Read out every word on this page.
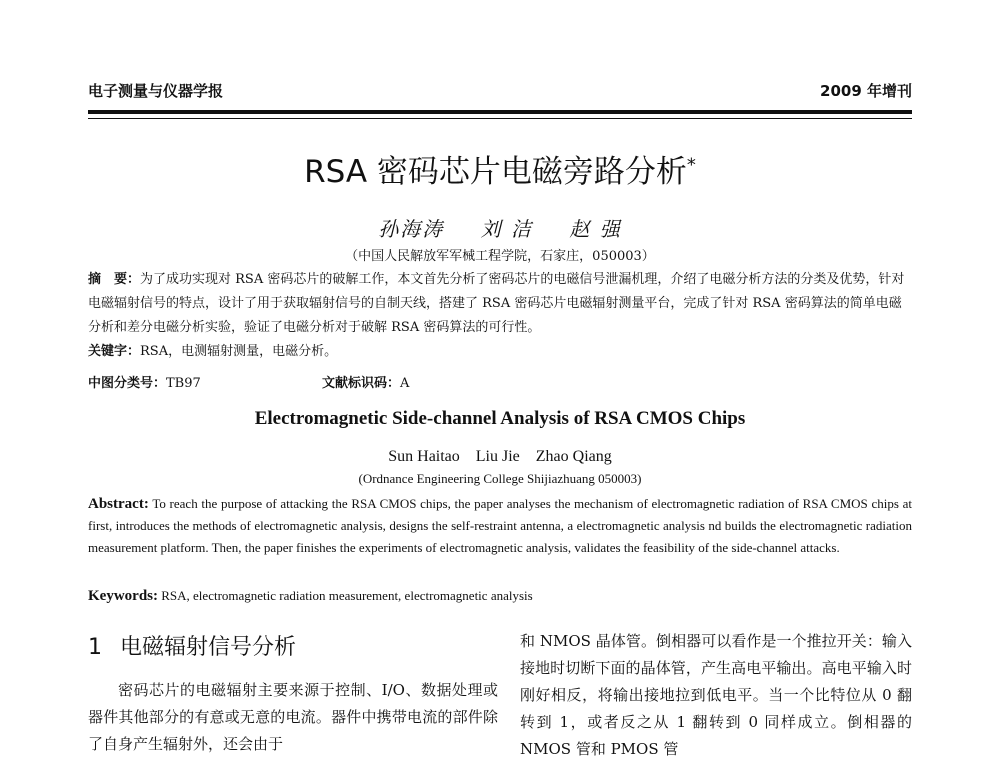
电子测量与仪器学报	2009 年增刊
RSA 密码芯片电磁旁路分析*
孙海涛 刘 洁 赵 强
（中国人民解放军军械工程学院，石家庄，050003）
摘　要：为了成功实现对 RSA 密码芯片的破解工作，本文首先分析了密码芯片的电磁信号泄漏机理，介绍了电磁分析方法的分类及优势，针对电磁辐射信号的特点，设计了用于获取辐射信号的自制天线，搭建了 RSA 密码芯片电磁辐射测量平台，完成了针对 RSA 密码算法的简单电磁分析和差分电磁分析实验，验证了电磁分析对于破解 RSA 密码算法的可行性。
关键字：RSA，电测辐射测量，电磁分析。
中图分类号：TB97	文献标识码：A
Electromagnetic Side-channel Analysis of RSA CMOS Chips
Sun Haitao Liu Jie Zhao Qiang
(Ordnance Engineering College Shijiazhuang 050003)
Abstract: To reach the purpose of attacking the RSA CMOS chips, the paper analyses the mechanism of electromagnetic radiation of RSA CMOS chips at first, introduces the methods of electromagnetic analysis, designs the self-restraint antenna, a electromagnetic analysis nd builds the electromagnetic radiation measurement platform. Then, the paper finishes the experiments of electromagnetic analysis, validates the feasibility of the side-channel attacks.
Keywords: RSA, electromagnetic radiation measurement, electromagnetic analysis
1 电磁辐射信号分析

密码芯片的电磁辐射主要来源于控制、I/O、数据处理或器件其他部分的有意或无意的电流。器件中携带电流的部件除了自身产生辐射外，还会由于

和 NMOS 晶体管。倒相器可以看作是一个推拉开关：输入接地时切断下面的晶体管，产生高电平输出。高电平输入时刚好相反，将输出接地拉到低电平。当一个比特位从 0 翻转到 1，或者反之从 1 翻转到 0 同样成立。倒相器的 NMOS 管和 PMOS 管
